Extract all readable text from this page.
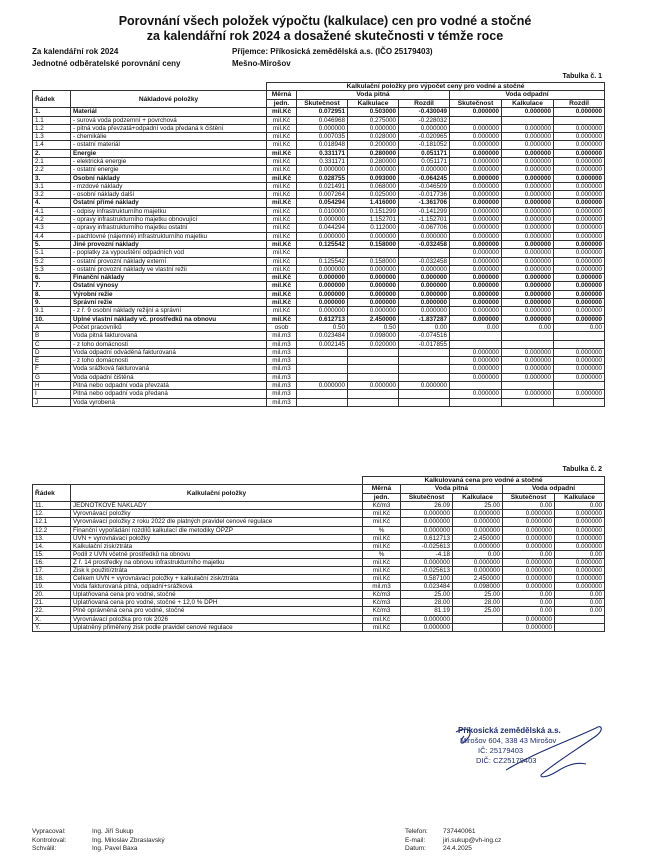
Porovnání všech položek výpočtu (kalkulace) cen pro vodné a stočné
za kalendářní rok 2024 a dosažené skutečnosti v témže roce
Za kalendářní rok 2024	Příjemce: Příkosická zemědělská a.s. (IČO 25179403)
Jednotné odběratelské porovnání ceny	Mešno-Mirošov
Tabulka č. 1
		Kalkulační položky pro výpočet ceny pro vodné a stočné						
Řádek	Nákladové položky	Měrná	Voda pitná			Voda odpadní		
		jedn.	Skutečnost	Kalkulace	Rozdíl	Skutečnost	Kalkulace	Rozdíl
1.	Materiál	mil.Kč	0.072951	0.503000	-0.430049	0.000000	0.000000	0.000000
1.1	- surová voda podzemní + povrchová	mil.Kč	0.046968	0.275000	-0.228032			
1.2	- pitná voda převzatá+odpadní voda předaná k čištění	mil.Kč	0.000000	0.000000	0.000000	0.000000	0.000000	0.000000
1.3	- chemikálie	mil.Kč	0.007035	0.028000	-0.020965	0.000000	0.000000	0.000000
1.4	- ostatní materiál	mil.Kč	0.018948	0.200000	-0.181052	0.000000	0.000000	0.000000
2.	Energie	mil.Kč	0.331171	0.280000	0.051171	0.000000	0.000000	0.000000
2.1	- elektrická energie	mil.Kč	0.331171	0.280000	0.051171	0.000000	0.000000	0.000000
2.2	- ostatní energie	mil.Kč	0.000000	0.000000	0.000000	0.000000	0.000000	0.000000
3.	Osobní náklady	mil.Kč	0.028755	0.093000	-0.064245	0.000000	0.000000	0.000000
3.1	- mzdové náklady	mil.Kč	0.021491	0.068000	-0.046509	0.000000	0.000000	0.000000
3.2	- osobní náklady další	mil.Kč	0.007264	0.025000	-0.017736	0.000000	0.000000	0.000000
4.	Ostatní přímé náklady	mil.Kč	0.054294	1.416000	-1.361706	0.000000	0.000000	0.000000
4.1	- odpisy infrastrukturního majetku	mil.Kč	0.010000	0.151299	-0.141299	0.000000	0.000000	0.000000
4.2	- opravy infrastrukturního majetku obnovující	mil.Kč	0.000000	1.152701	-1.152701	0.000000	0.000000	0.000000
4.3	- opravy infrastrukturního majetku ostatní	mil.Kč	0.044294	0.112000	-0.067706	0.000000	0.000000	0.000000
4.4	- pachtovné (nájemné) infrastrukturního majetku	mil.Kč	0.000000	0.000000	0.000000	0.000000	0.000000	0.000000
5.	Jiné provozní náklady	mil.Kč	0.125542	0.158000	-0.032458	0.000000	0.000000	0.000000
5.1	- poplatky za vypouštění odpadních vod	mil.Kč				0.000000	0.000000	0.000000
5.2	- ostatní provozní náklady externí	mil.Kč	0.125542	0.158000	-0.032458	0.000000	0.000000	0.000000
5.3	- ostatní provozní náklady ve vlastní režii	mil.Kč	0.000000	0.000000	0.000000	0.000000	0.000000	0.000000
6.	Finanční náklady	mil.Kč	0.000000	0.000000	0.000000	0.000000	0.000000	0.000000
7.	Ostatní výnosy	mil.Kč	0.000000	0.000000	0.000000	0.000000	0.000000	0.000000
8.	Výrobní režie	mil.Kč	0.000000	0.000000	0.000000	0.000000	0.000000	0.000000
9.	Správní režie	mil.Kč	0.000000	0.000000	0.000000	0.000000	0.000000	0.000000
9.1	- z ř. 9 osobní náklady režijní a správní	mil.Kč	0.000000	0.000000	0.000000	0.000000	0.000000	0.000000
10.	Úplné vlastní náklady vč. prostředků na obnovu	mil.Kč	0.612713	2.450000	-1.837287	0.000000	0.000000	0.000000
A	Počet pracovníků	osob	0.50	0.50	0.00	0.00	0.00	0.00
B	Voda pitná fakturovaná	mil.m3	0.023484	0.098000	-0.074516			
C	- z toho domácnosti	mil.m3	0.002145	0.020000	-0.017855			
D	Voda odpadní odváděná fakturovaná	mil.m3				0.000000	0.000000	0.000000
E	- z toho domácnosti	mil.m3				0.000000	0.000000	0.000000
F	Voda srážková fakturovaná	mil.m3				0.000000	0.000000	0.000000
G	Voda odpadní čištěná	mil.m3				0.000000	0.000000	0.000000
H	Pitná nebo odpadní voda převzatá	mil.m3	0.000000	0.000000	0.000000			
I	Pitná nebo odpadní voda předaná	mil.m3				0.000000	0.000000	0.000000
J	Voda vyrobená	mil.m3						
Tabulka č. 2
		Kalkulovaná cena pro vodné a stočné				
Řádek	Kalkulační položky	Měrná	Voda pitná		Voda odpadní	
		jedn.	Skutečnost	Kalkulace	Skutečnost	Kalkulace
11.	JEDNOTKOVÉ NÁKLADY	Kč/m3	26.09	25.00	0.00	0.00
12.	Vyrovnávací položky	mil.Kč	0.000000	0.000000	0.000000	0.000000
12.1	Vyrovnávací položky z roku 2022 dle platných pravidel cenové regulace	mil.Kč	0.000000	0.000000	0.000000	0.000000
12.2	Finanční vypořádání rozdílů kalkulací dle metodiky OPŽP	%	0.000000	0.000000	0.000000	0.000000
13.	ÚVN + vyrovnávací položky	mil.Kč	0.612713	2.450000	0.000000	0.000000
14.	Kalkulační zisk/ztráta	mil.Kč	-0.025613	0.000000	0.000000	0.000000
15.	Podíl z ÚVN včetně prostředků na obnovu	%	-4.18	0.00	0.00	0.00
16.	Z ř. 14 prostředky na obnovu infrastrukturního majetku	mil.Kč	0.000000	0.000000	0.000000	0.000000
17.	Zisk k použití/ztráta	mil.Kč	-0.025613	0.000000	0.000000	0.000000
18.	Celkem ÚVN + vyrovnávací položky + kalkulační zisk/ztráta	mil.Kč	0.587100	2.450000	0.000000	0.000000
19.	Voda fakturovaná pitná, odpadní+srážková	mil.m3	0.023484	0.098000	0.000000	0.000000
20.	Uplatňovaná cena pro vodné, stočné	Kč/m3	25.00	25.00	0.00	0.00
21.	Uplatňovaná cena pro vodné, stočné + 12,0 % DPH	Kč/m3	28.00	28.00	0.00	0.00
22.	Plně oprávněná cena pro vodné, stočné	Kč/m3	81.19	25.00	0.00	0.00
X.	Vyrovnávací položka pro rok 2026	mil.Kč	0.000000		0.000000	
Y.	Uplatněný přiměřený zisk podle pravidel cenové regulace	mil.Kč	0.000000		0.000000	
Příkosická zemědělská a.s.
Mirošov 604, 338 43 Mirošov
IČ: 25179403
DIČ: CZ25179403
Vypracoval:	Ing. Jiří Sukup
Kontroloval:	Ing. Miloslav Zbraslavský
Schválil:	Ing. Pavel Baxa
Telefon: 737440061
E-mail:	jiri.sukup@vh-ing.cz
Datum:	24.4.2025
